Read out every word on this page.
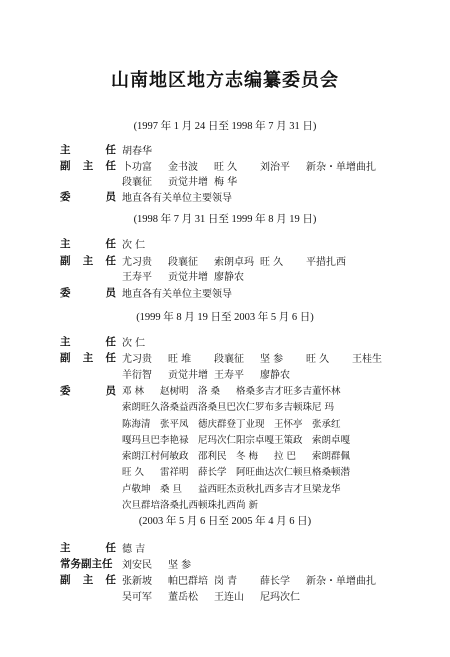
山南地区地方志编纂委员会
(1997 年 1 月 24 日至 1998 年 7 月 31 日)
主	任 胡春华
副 主 任 卜功富 金书波 旺 久 刘治平 新杂・单增曲扎
段襄征 贡觉井增 梅 华
委	员 地直各有关单位主要领导
(1998 年 7 月 31 日至 1999 年 8 月 19 日)
主	任 次 仁
副 主 任 尤习贵 段襄征 索朗卓玛 旺 久 平措扎西
王寿平 贡觉井增 廖静农
委	员 地直各有关单位主要领导
(1999 年 8 月 19 日至 2003 年 5 月 6 日)
主	任 次 仁
副 主 任 尤习贵 旺 堆 段襄征 坚 参 旺 久 王桂生
羊衍智 贡觉井增 王寿平 廖静农
委	员 邓 林 赵树明 洛 桑 格桑多吉才旺多吉董怀林
索朗旺久洛桑益西洛桑旦巴次仁罗布多吉顿珠尼 玛
陈海清 张平凤 德庆群登丁业现 王怀亭 张承红
嘎玛旦巴李艳禄 尼玛次仁阳宗卓嘎王策政 索朗卓嘎
索朗江村何敏政 邵利民 冬 梅 拉 巴 索朗群佩
旺 久 雷祥明 薛长学 阿旺曲达次仁顿旦格桑顿潜
卢敬坤 桑 旦 益西旺杰贡秋扎西多吉才旦梁龙华
次旦群培洛桑扎西顿珠扎西尚 新
(2003 年 5 月 6 日至 2005 年 4 月 6 日)
主	任 德 吉
常务副主任 刘安民 坚 参
副 主 任 张新坡 帕巴群培 岗 青 薛长学 新杂・单增曲扎
吴可军 董岳松 王连山 尼玛次仁
